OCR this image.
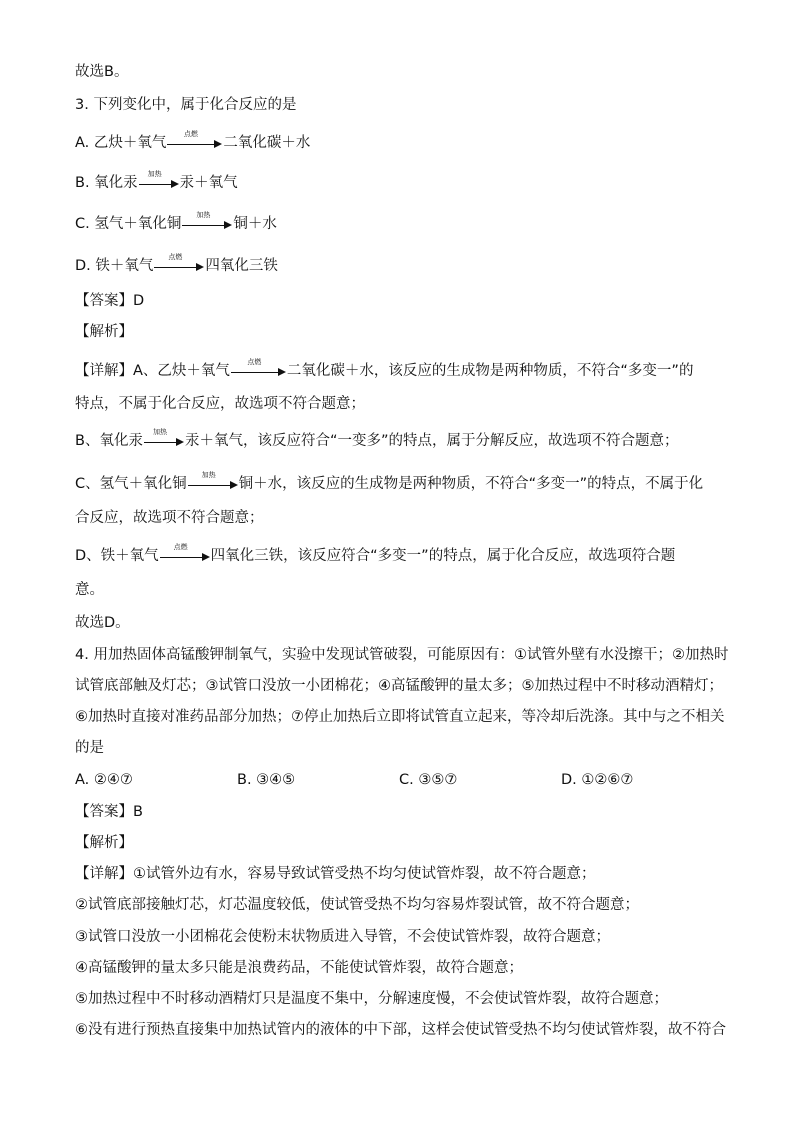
故选B。
3. 下列变化中，属于化合反应的是
A. 乙炔＋氧气
点燃
二氧化碳＋水
B. 氧化汞
加热
汞＋氧气
C. 氢气＋氧化铜
加热
铜＋水
D. 铁＋氧气
点燃
四氧化三铁
【答案】D
【解析】
【详解】A、乙炔＋氧气
点燃
二氧化碳＋水，该反应的生成物是两种物质，不符合“多变一”的
特点，不属于化合反应，故选项不符合题意；
B、氧化汞
加热
汞＋氧气，该反应符合“一变多”的特点，属于分解反应，故选项不符合题意；
C、氢气＋氧化铜
加热
铜＋水，该反应的生成物是两种物质，不符合“多变一”的特点，不属于化
合反应，故选项不符合题意；
D、铁＋氧气
点燃
四氧化三铁，该反应符合“多变一”的特点，属于化合反应，故选项符合题
意。
故选D。
4. 用加热固体高锰酸钾制氧气，实验中发现试管破裂，可能原因有：①试管外壁有水没擦干；②加热时
试管底部触及灯芯；③试管口没放一小团棉花；④高锰酸钾的量太多；⑤加热过程中不时移动酒精灯；
⑥加热时直接对准药品部分加热；⑦停止加热后立即将试管直立起来，等冷却后洗涤。其中与之不相关
的是
A. ②④⑦	B. ③④⑤	C. ③⑤⑦	D. ①②⑥⑦
【答案】B
【解析】
【详解】①试管外边有水，容易导致试管受热不均匀使试管炸裂，故不符合题意；
②试管底部接触灯芯，灯芯温度较低，使试管受热不均匀容易炸裂试管，故不符合题意；
③试管口没放一小团棉花会使粉末状物质进入导管，不会使试管炸裂，故符合题意；
④高锰酸钾的量太多只能是浪费药品，不能使试管炸裂，故符合题意；
⑤加热过程中不时移动酒精灯只是温度不集中，分解速度慢，不会使试管炸裂，故符合题意；
⑥没有进行预热直接集中加热试管内的液体的中下部，这样会使试管受热不均匀使试管炸裂，故不符合
